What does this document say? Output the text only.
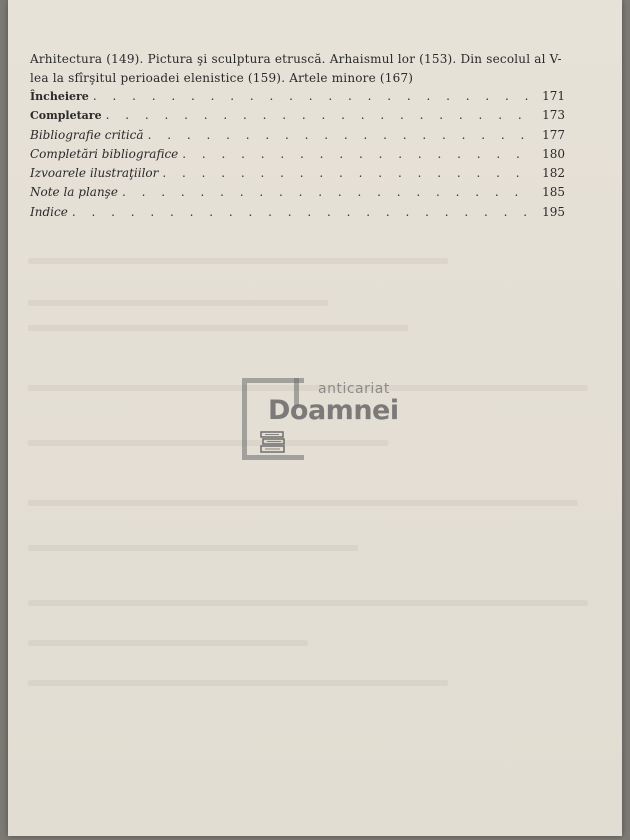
Arhitectura (149). Pictura şi sculptura etruscă. Arhaismul lor (153). Din secolul al V-lea la sfîrşitul perioadei elenistice (159). Artele minore (167)
Încheiere . . .	171
Completare . . .	173
Bibliografie critică . . .	177
Completări bibliografice . . .	180
Izvoarele ilustraţiilor . . .	182
Note la planşe . . .	185
Indice . . .	195
anticariat
Doamnei
